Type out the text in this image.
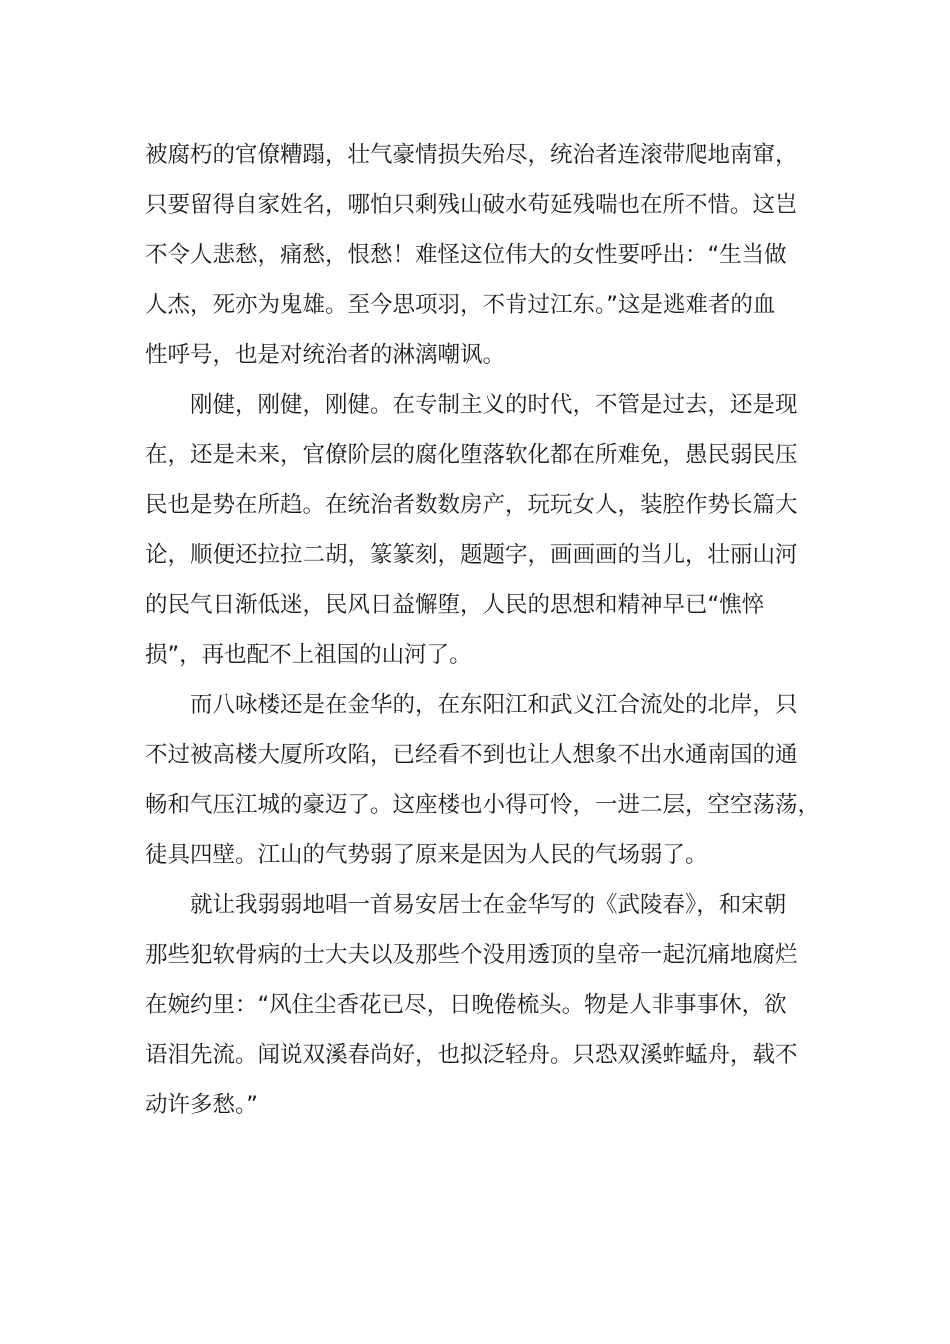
被腐朽的官僚糟蹋，壮气豪情损失殆尽，统治者连滚带爬地南窜，
只要留得自家姓名，哪怕只剩残山破水苟延残喘也在所不惜。这岂
不令人悲愁，痛愁，恨愁！难怪这位伟大的女性要呼出：“生当做
人杰，死亦为鬼雄。至今思项羽，不肯过江东。”这是逃难者的血
性呼号，也是对统治者的淋漓嘲讽。
刚健，刚健，刚健。在专制主义的时代，不管是过去，还是现
在，还是未来，官僚阶层的腐化堕落软化都在所难免，愚民弱民压
民也是势在所趋。在统治者数数房产，玩玩女人，装腔作势长篇大
论，顺便还拉拉二胡，篆篆刻，题题字，画画画的当儿，壮丽山河
的民气日渐低迷，民风日益懈堕，人民的思想和精神早已“憔悴
损”，再也配不上祖国的山河了。
而八咏楼还是在金华的，在东阳江和武义江合流处的北岸，只
不过被高楼大厦所攻陷，已经看不到也让人想象不出水通南国的通
畅和气压江城的豪迈了。这座楼也小得可怜，一进二层，空空荡荡，
徒具四壁。江山的气势弱了原来是因为人民的气场弱了。
就让我弱弱地唱一首易安居士在金华写的《武陵春》，和宋朝
那些犯软骨病的士大夫以及那些个没用透顶的皇帝一起沉痛地腐烂
在婉约里：“风住尘香花已尽，日晚倦梳头。物是人非事事休，欲
语泪先流。闻说双溪春尚好，也拟泛轻舟。只恐双溪蚱蜢舟，载不
动许多愁。”
